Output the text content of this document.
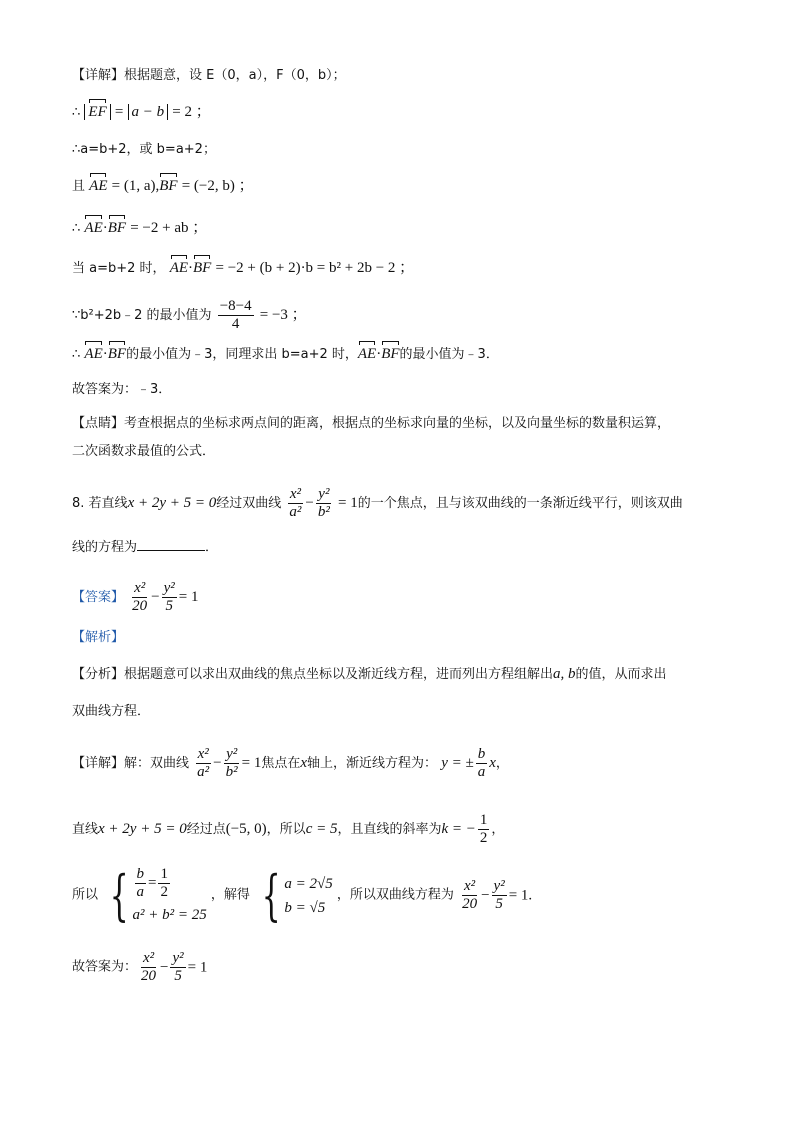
【详解】根据题意，设 E（0，a），F（0，b）；
∴ EF = a − b = 2 ；
∴a=b+2，或 b=a+2；
且 AE = (1, a),BF = (−2, b) ；
∴ AE·BF = −2 + ab ；
当 a=b+2 时， AE·BF = −2 + (b + 2)·b = b² + 2b − 2 ；
∵b²+2b﹣2 的最小值为 $\frac{-8-4}{4} = -3$ ；
∴ AE·BF的最小值为﹣3，同理求出 b=a+2 时，AE·BF的最小值为﹣3．
故答案为：﹣3．
【点睛】考查根据点的坐标求两点间的距离，根据点的坐标求向量的坐标，以及向量坐标的数量积运算，
二次函数求最值的公式．
8. 若直线x + 2y + 5 = 0经过双曲线 $\frac{\text{x²}}{\text{a²}} - \frac{\text{y²}}{\text{b²}} = 1$的一个焦点，且与该双曲线的一条渐近线平行，则该双曲
线的方程为	．
【答案】 $\frac{\text{x²}}{20} - \frac{\text{y²}}{5} = 1$
【解析】
【分析】根据题意可以求出双曲线的焦点坐标以及渐近线方程，进而列出方程组解出a, b的值，从而求出
双曲线方程．
【详解】解：双曲线 $\frac{\text{x²}}{\text{a²}} - \frac{\text{y²}}{\text{b²}} = 1$焦点在x轴上，渐近线方程为： y = ± $\frac{b}{a}$ x，
直线x + 2y + 5 = 0经过点(−5, 0)，所以c = 5，且直线的斜率为k = − $\frac{1}{2}$ ，
所以 { $\frac{b}{a} = \frac{1}{2}$
a² + b² = 25
，解得 { a = 2√5
b = √5
，所以双曲线方程为 $\frac{\text{x²}}{20} - \frac{\text{y²}}{5} = 1$.
故答案为： $\frac{\text{x²}}{20} - \frac{\text{y²}}{5} = 1$
